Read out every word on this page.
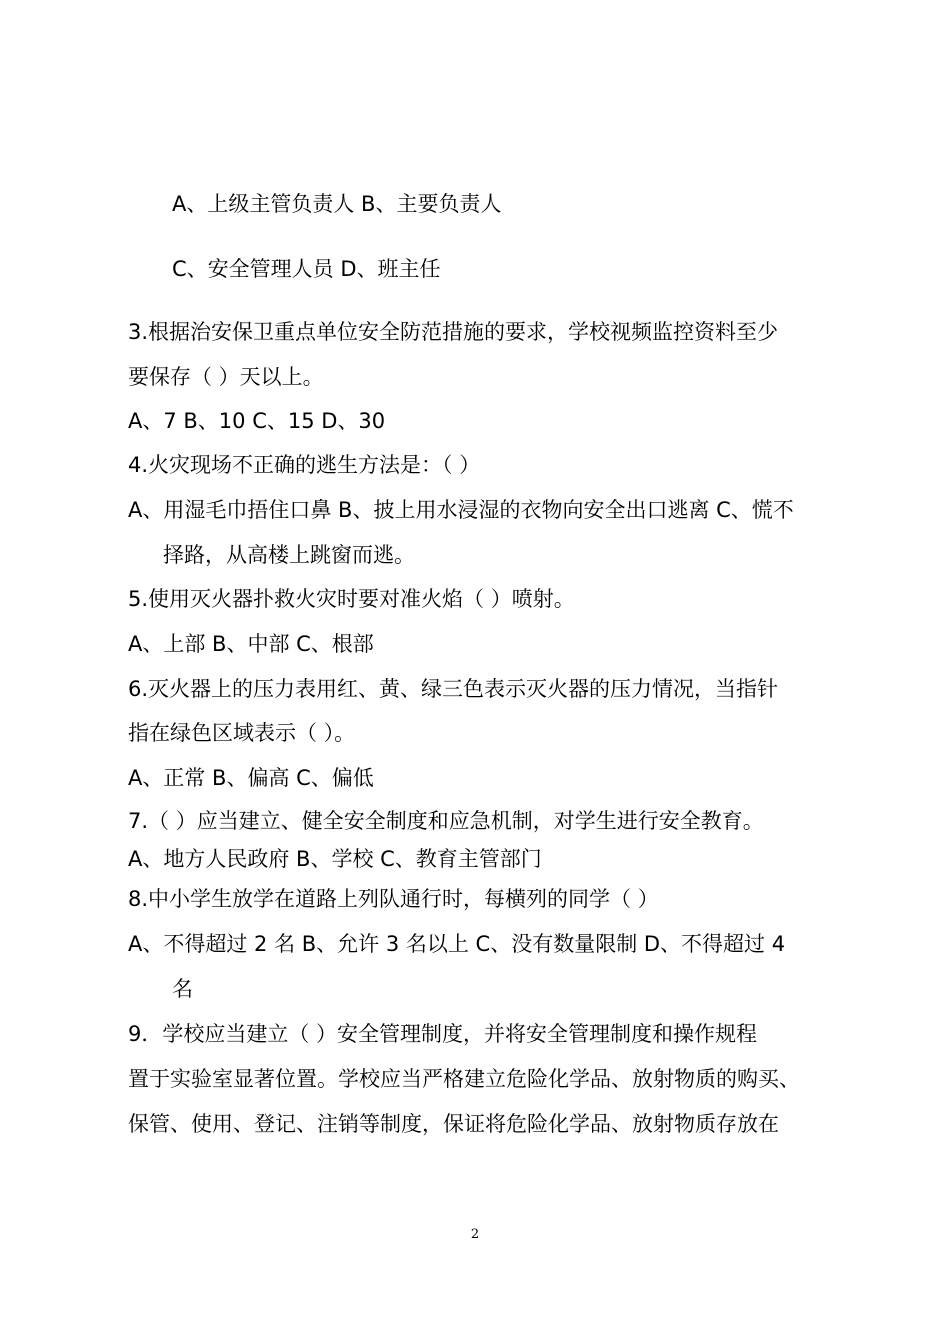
A、上级主管负责人 B、主要负责人

C、安全管理人员 D、班主任

3.根据治安保卫重点单位安全防范措施的要求，学校视频监控资料至少

要保存（ ）天以上。

A、7 B、10 C、15 D、30

4.火灾现场不正确的逃生方法是：（ ）

A、用湿毛巾捂住口鼻 B、披上用水浸湿的衣物向安全出口逃离 C、慌不

择路，从高楼上跳窗而逃。

5.使用灭火器扑救火灾时要对准火焰（ ）喷射。

A、上部 B、中部 C、根部

6.灭火器上的压力表用红、黄、绿三色表示灭火器的压力情况，当指针

指在绿色区域表示（ ）。

A、正常 B、偏高 C、偏低

7.（ ）应当建立、健全安全制度和应急机制，对学生进行安全教育。

A、地方人民政府 B、学校 C、教育主管部门

8.中小学生放学在道路上列队通行时，每横列的同学（ ）

A、不得超过 2 名 B、允许 3 名以上 C、没有数量限制 D、不得超过 4

名

9．学校应当建立（ ）安全管理制度，并将安全管理制度和操作规程

置于实验室显著位置。学校应当严格建立危险化学品、放射物质的购买、

保管、使用、登记、注销等制度，保证将危险化学品、放射物质存放在

2
